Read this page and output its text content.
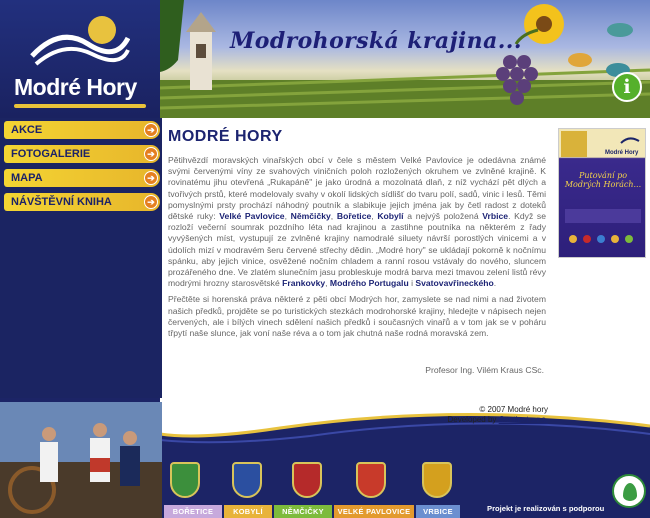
Modré Hory
Modrohorská krajina...
i
AKCE	➔
FOTOGALERIE	➔
MAPA	➔
NÁVŠTĚVNÍ KNIHA	➔
MODRÉ HORY

Pětihvězdí moravských vinařských obcí v čele s městem Velké Pavlovice je odedávna známé svými červenými víny ze svahových viničních poloh rozložených okruhem ve zvlněné krajině. K rovinatému jihu otevřená „Rukapáně" je jako úrodná a mozolnatá dlaň, z níž vychází pět dlých a tvořivých prstů, které modelovaly svahy v okolí lidských sídlišť do tvaru polí, sadů, vinic i lesů. Těmi pomyslnými prsty prochází náhodný poutník a slabikuje jejich jména jak by četl radost z doteků dětské ruky: Velké Pavlovice, Němčičky, Bořetice, Kobylí a nejvýš položená Vrbice. Když se rozloží večerní soumrak pozdního léta nad krajinou a zastihne poutníka na některém z řady vyvýšených míst, vystupují ze zvlněné krajiny namodralé siluety návrší porostlých vinicemi a v údolích mizí v modravém šeru červené střechy dědin. „Modré hory" se ukládají pokorně k nočnímu spánku, aby jejich vinice, osvěžené nočním chladem a ranní rosou vstávaly do nového, sluncem prozářeného dne. Ve zlatém slunečním jasu probleskuje modrá barva mezi tmavou zelení listů révy modrými hrozny starosvětské Frankovky, Modrého Portugalu i Svatovavřineckého.

Přečtěte si horenská práva některé z pěti obcí Modrých hor, zamyslete se nad nimi a nad životem našich předků, projděte se po turistických stezkách modrohorské krajiny, hledejte v nápisech nejen červených, ale i bílých vinech sdělení našich předků i současných vinařů a v tom jak se v poháru třpytí naše slunce, jak voní naše réva a o tom jak chutná naše rodná moravská zem.

Profesor Ing. Vilém Kraus CSc.
Modré Hory
Putování po Modrých Horách...
© 2007 Modré hory
Developed by Continet s.r.o.
BOŘETICE	KOBYLÍ	NĚMČIČKY	VELKÉ PAVLOVICE	VRBICE	Projekt je realizován s podporou
